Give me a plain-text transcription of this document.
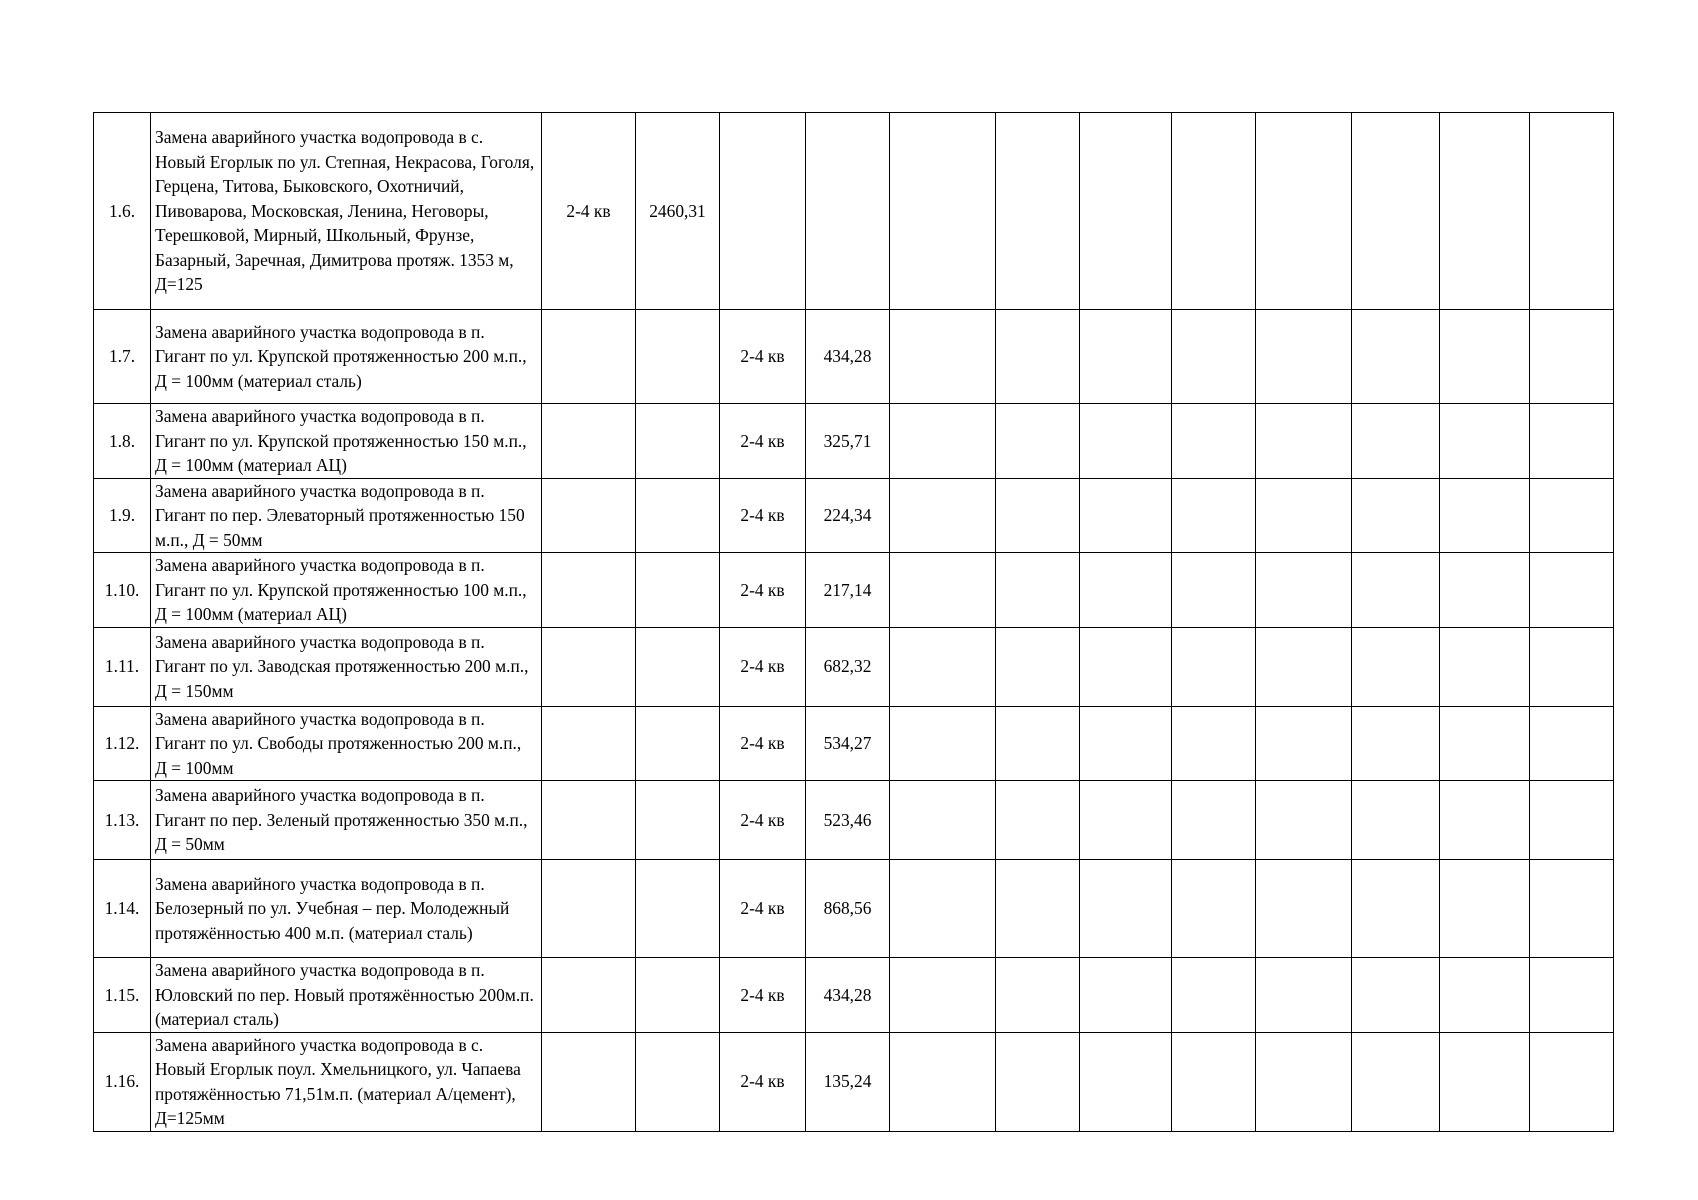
1.6.	Замена аварийного участка водопровода в с. Новый Егорлык по ул. Степная, Некрасова, Гоголя, Герцена, Титова, Быковского, Охотничий, Пивоварова, Московская, Ленина, Неговоры, Терешковой, Мирный, Школьный, Фрунзе, Базарный, Заречная, Димитрова протяж. 1353 м, Д=125	2-4 кв	2460,31										
1.7.	Замена аварийного участка водопровода в п. Гигант по ул. Крупской протяженностью 200 м.п., Д = 100мм (материал сталь)			2-4 кв	434,28								
1.8.	Замена аварийного участка водопровода в п. Гигант по ул. Крупской протяженностью 150 м.п., Д = 100мм (материал АЦ)			2-4 кв	325,71								
1.9.	Замена аварийного участка водопровода в п. Гигант по пер. Элеваторный протяженностью 150 м.п., Д = 50мм			2-4 кв	224,34								
1.10.	Замена аварийного участка водопровода в п. Гигант по ул. Крупской протяженностью 100 м.п., Д = 100мм (материал АЦ)			2-4 кв	217,14								
1.11.	Замена аварийного участка водопровода в п. Гигант по ул. Заводская протяженностью 200 м.п., Д = 150мм			2-4 кв	682,32								
1.12.	Замена аварийного участка водопровода в п. Гигант по ул. Свободы протяженностью 200 м.п., Д = 100мм			2-4 кв	534,27								
1.13.	Замена аварийного участка водопровода в п. Гигант по пер. Зеленый протяженностью 350 м.п., Д = 50мм			2-4 кв	523,46								
1.14.	Замена аварийного участка водопровода в п. Белозерный по ул. Учебная – пер. Молодежный протяжённостью 400 м.п. (материал сталь)			2-4 кв	868,56								
1.15.	Замена аварийного участка водопровода в п. Юловский по пер. Новый протяжённостью 200м.п. (материал сталь)			2-4 кв	434,28								
1.16.	Замена аварийного участка водопровода в с. Новый Егорлык поул. Хмельницкого, ул. Чапаева протяжённостью 71,51м.п. (материал А/цемент), Д=125мм			2-4 кв	135,24								
